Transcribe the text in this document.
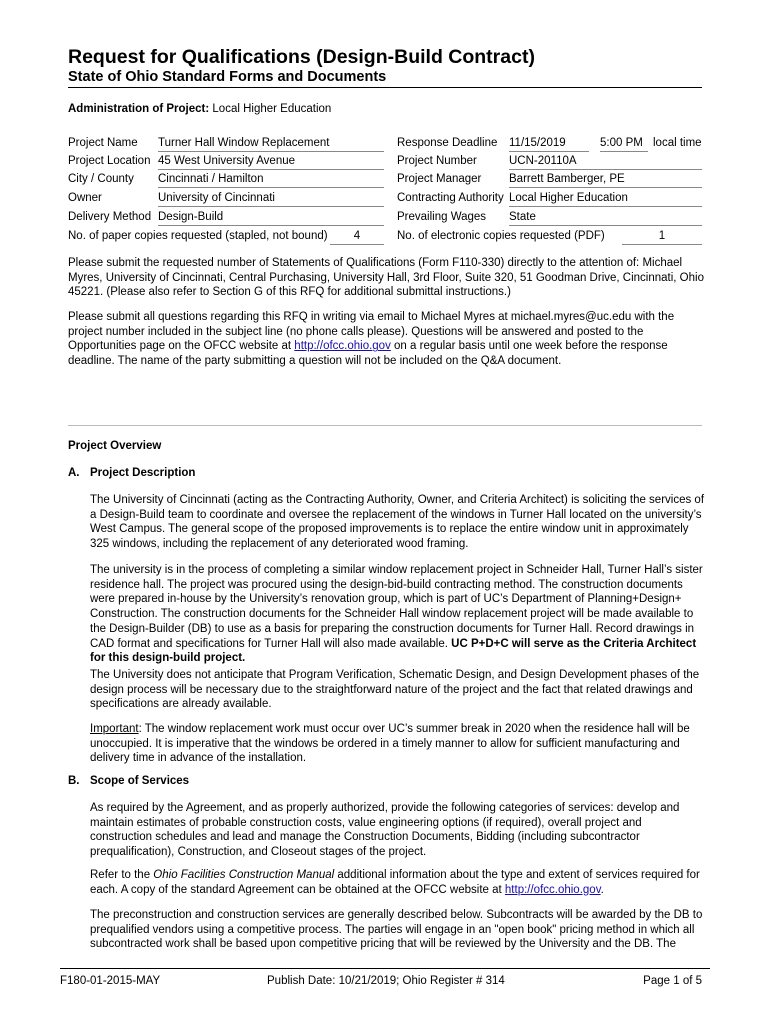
Request for Qualifications (Design-Build Contract)
State of Ohio Standard Forms and Documents
Administration of Project: Local Higher Education
Project Name Turner Hall Window Replacement
Project Location 45 West University Avenue
City / County Cincinnati / Hamilton
Owner	University of Cincinnati
Delivery Method Design-Build
No. of paper copies requested (stapled, not bound)	4
Response Deadline 11/15/2019	5:00 PM local time
Project Number	UCN-20110A
Project Manager Barrett Bamberger, PE
Contracting Authority Local Higher Education
Prevailing Wages State
No. of electronic copies requested (PDF)	1
Please submit the requested number of Statements of Qualifications (Form F110-330) directly to the attention of: Michael Myres, University of Cincinnati, Central Purchasing, University Hall, 3rd Floor, Suite 320, 51 Goodman Drive, Cincinnati, Ohio 45221. (Please also refer to Section G of this RFQ for additional submittal instructions.)
Please submit all questions regarding this RFQ in writing via email to Michael Myres at michael.myres@uc.edu with the project number included in the subject line (no phone calls please). Questions will be answered and posted to the Opportunities page on the OFCC website at http://ofcc.ohio.gov on a regular basis until one week before the response deadline. The name of the party submitting a question will not be included on the Q&A document.
Project Overview
A. Project Description
The University of Cincinnati (acting as the Contracting Authority, Owner, and Criteria Architect) is soliciting the services of a Design-Build team to coordinate and oversee the replacement of the windows in Turner Hall located on the university’s West Campus. The general scope of the proposed improvements is to replace the entire window unit in approximately 325 windows, including the replacement of any deteriorated wood framing.
The university is in the process of completing a similar window replacement project in Schneider Hall, Turner Hall’s sister residence hall. The project was procured using the design-bid-build contracting method. The construction documents were prepared in-house by the University’s renovation group, which is part of UC’s Department of Planning+Design+ Construction. The construction documents for the Schneider Hall window replacement project will be made available to the Design-Builder (DB) to use as a basis for preparing the construction documents for Turner Hall. Record drawings in CAD format and specifications for Turner Hall will also made available. UC P+D+C will serve as the Criteria Architect for this design-build project.
The University does not anticipate that Program Verification, Schematic Design, and Design Development phases of the design process will be necessary due to the straightforward nature of the project and the fact that related drawings and specifications are already available.
Important: The window replacement work must occur over UC’s summer break in 2020 when the residence hall will be unoccupied. It is imperative that the windows be ordered in a timely manner to allow for sufficient manufacturing and delivery time in advance of the installation.
B. Scope of Services
As required by the Agreement, and as properly authorized, provide the following categories of services: develop and maintain estimates of probable construction costs, value engineering options (if required), overall project and construction schedules and lead and manage the Construction Documents, Bidding (including subcontractor prequalification), Construction, and Closeout stages of the project.
Refer to the Ohio Facilities Construction Manual additional information about the type and extent of services required for each. A copy of the standard Agreement can be obtained at the OFCC website at http://ofcc.ohio.gov.
The preconstruction and construction services are generally described below. Subcontracts will be awarded by the DB to prequalified vendors using a competitive process. The parties will engage in an "open book" pricing method in which all subcontracted work shall be based upon competitive pricing that will be reviewed by the University and the DB. The
F180-01-2015-MAY	Publish Date: 10/21/2019; Ohio Register # 314	Page 1 of 5
